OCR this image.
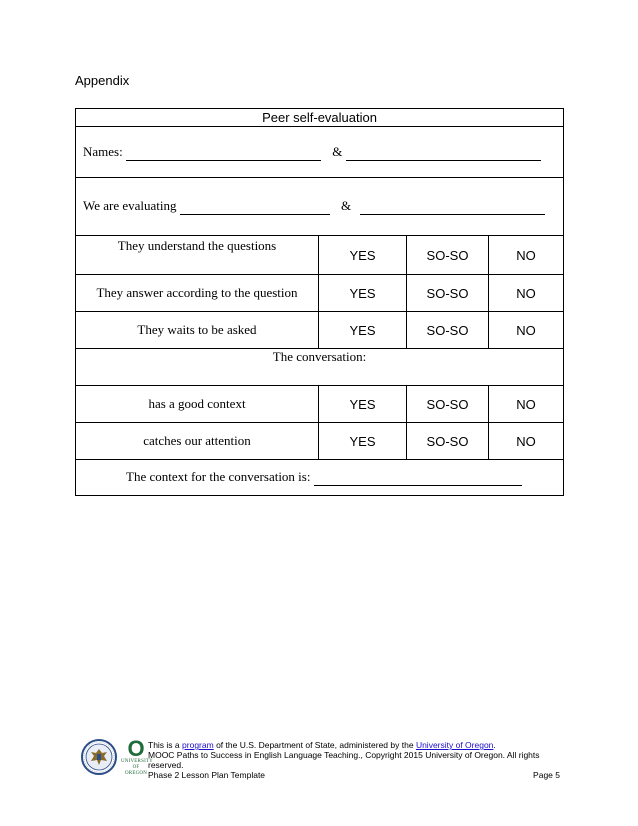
Appendix
Peer self-evaluation			
Names: &			
We are evaluating &			
They understand the questions	YES	SO-SO	NO
They answer according to the question	YES	SO-SO	NO
They waits to be asked	YES	SO-SO	NO
The conversation:			
has a good context	YES	SO-SO	NO
catches our attention	YES	SO-SO	NO
The context for the conversation is:			
O
UNIVERSITY
OF OREGON
This is a program of the U.S. Department of State, administered by the University of Oregon.
MOOC Paths to Success in English Language Teaching., Copyright 2015 University of Oregon. All rights reserved.
Phase 2 Lesson Plan Template	Page 5
